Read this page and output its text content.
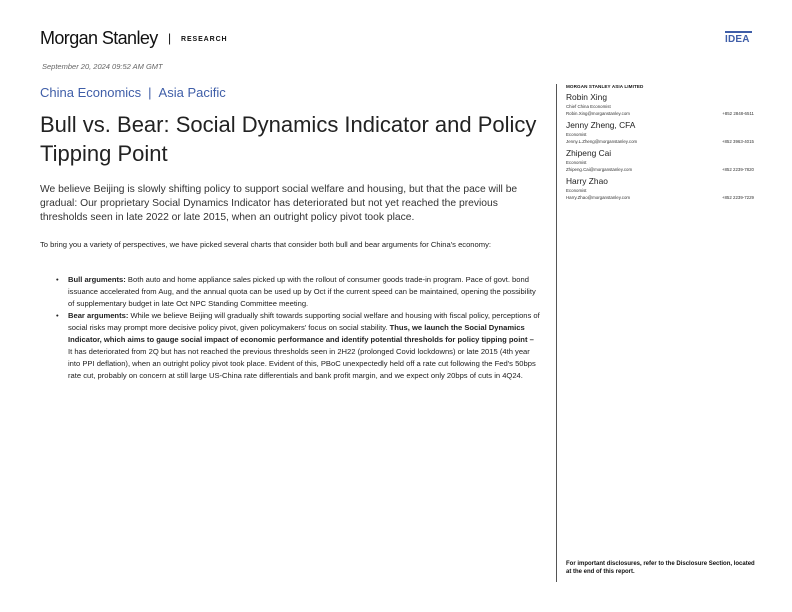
Morgan Stanley | RESEARCH	IDEA
September 20, 2024 09:52 AM GMT
China Economics | Asia Pacific
Bull vs. Bear: Social Dynamics Indicator and Policy Tipping Point

We believe Beijing is slowly shifting policy to support social welfare and housing, but that the pace will be gradual: Our proprietary Social Dynamics Indicator has deteriorated but not yet reached the previous thresholds seen in late 2022 or late 2015, when an outright policy pivot took place.

To bring you a variety of perspectives, we have picked several charts that consider both bull and bear arguments for China's economy:

• Bull arguments: Both auto and home appliance sales picked up with the rollout of consumer goods trade-in program. Pace of govt. bond issuance accelerated from Aug, and the annual quota can be used up by Oct if the current speed can be maintained, opening the possibility of supplementary budget in late Oct NPC Standing Committee meeting.
• Bear arguments: While we believe Beijing will gradually shift towards supporting social welfare and housing with fiscal policy, perceptions of social risks may prompt more decisive policy pivot, given policymakers' focus on social stability. Thus, we launch the Social Dynamics Indicator, which aims to gauge social impact of economic performance and identify potential thresholds for policy tipping point – It has deteriorated from 2Q but has not reached the previous thresholds seen in 2H22 (prolonged Covid lockdowns) or late 2015 (4th year into PPI deflation), when an outright policy pivot took place. Evident of this, PBoC unexpectedly held off a rate cut following the Fed's 50bps rate cut, probably on concern at still large US-China rate differentials and bank profit margin, and we expect only 20bps of cuts in 4Q24.
MORGAN STANLEY ASIA LIMITED
Robin Xing
Chief China Economist
Robin.Xing@morganstanley.com	+852 2848-6511
Jenny Zheng, CFA
Economist
Jenny.L.Zheng@morganstanley.com	+852 3963-4015
Zhipeng Cai
Economist
Zhipeng.Cai@morganstanley.com	+852 2239-7820
Harry Zhao
Economist
Harry.Zhao@morganstanley.com	+852 2239-7229

For important disclosures, refer to the Disclosure Section, located at the end of this report.
